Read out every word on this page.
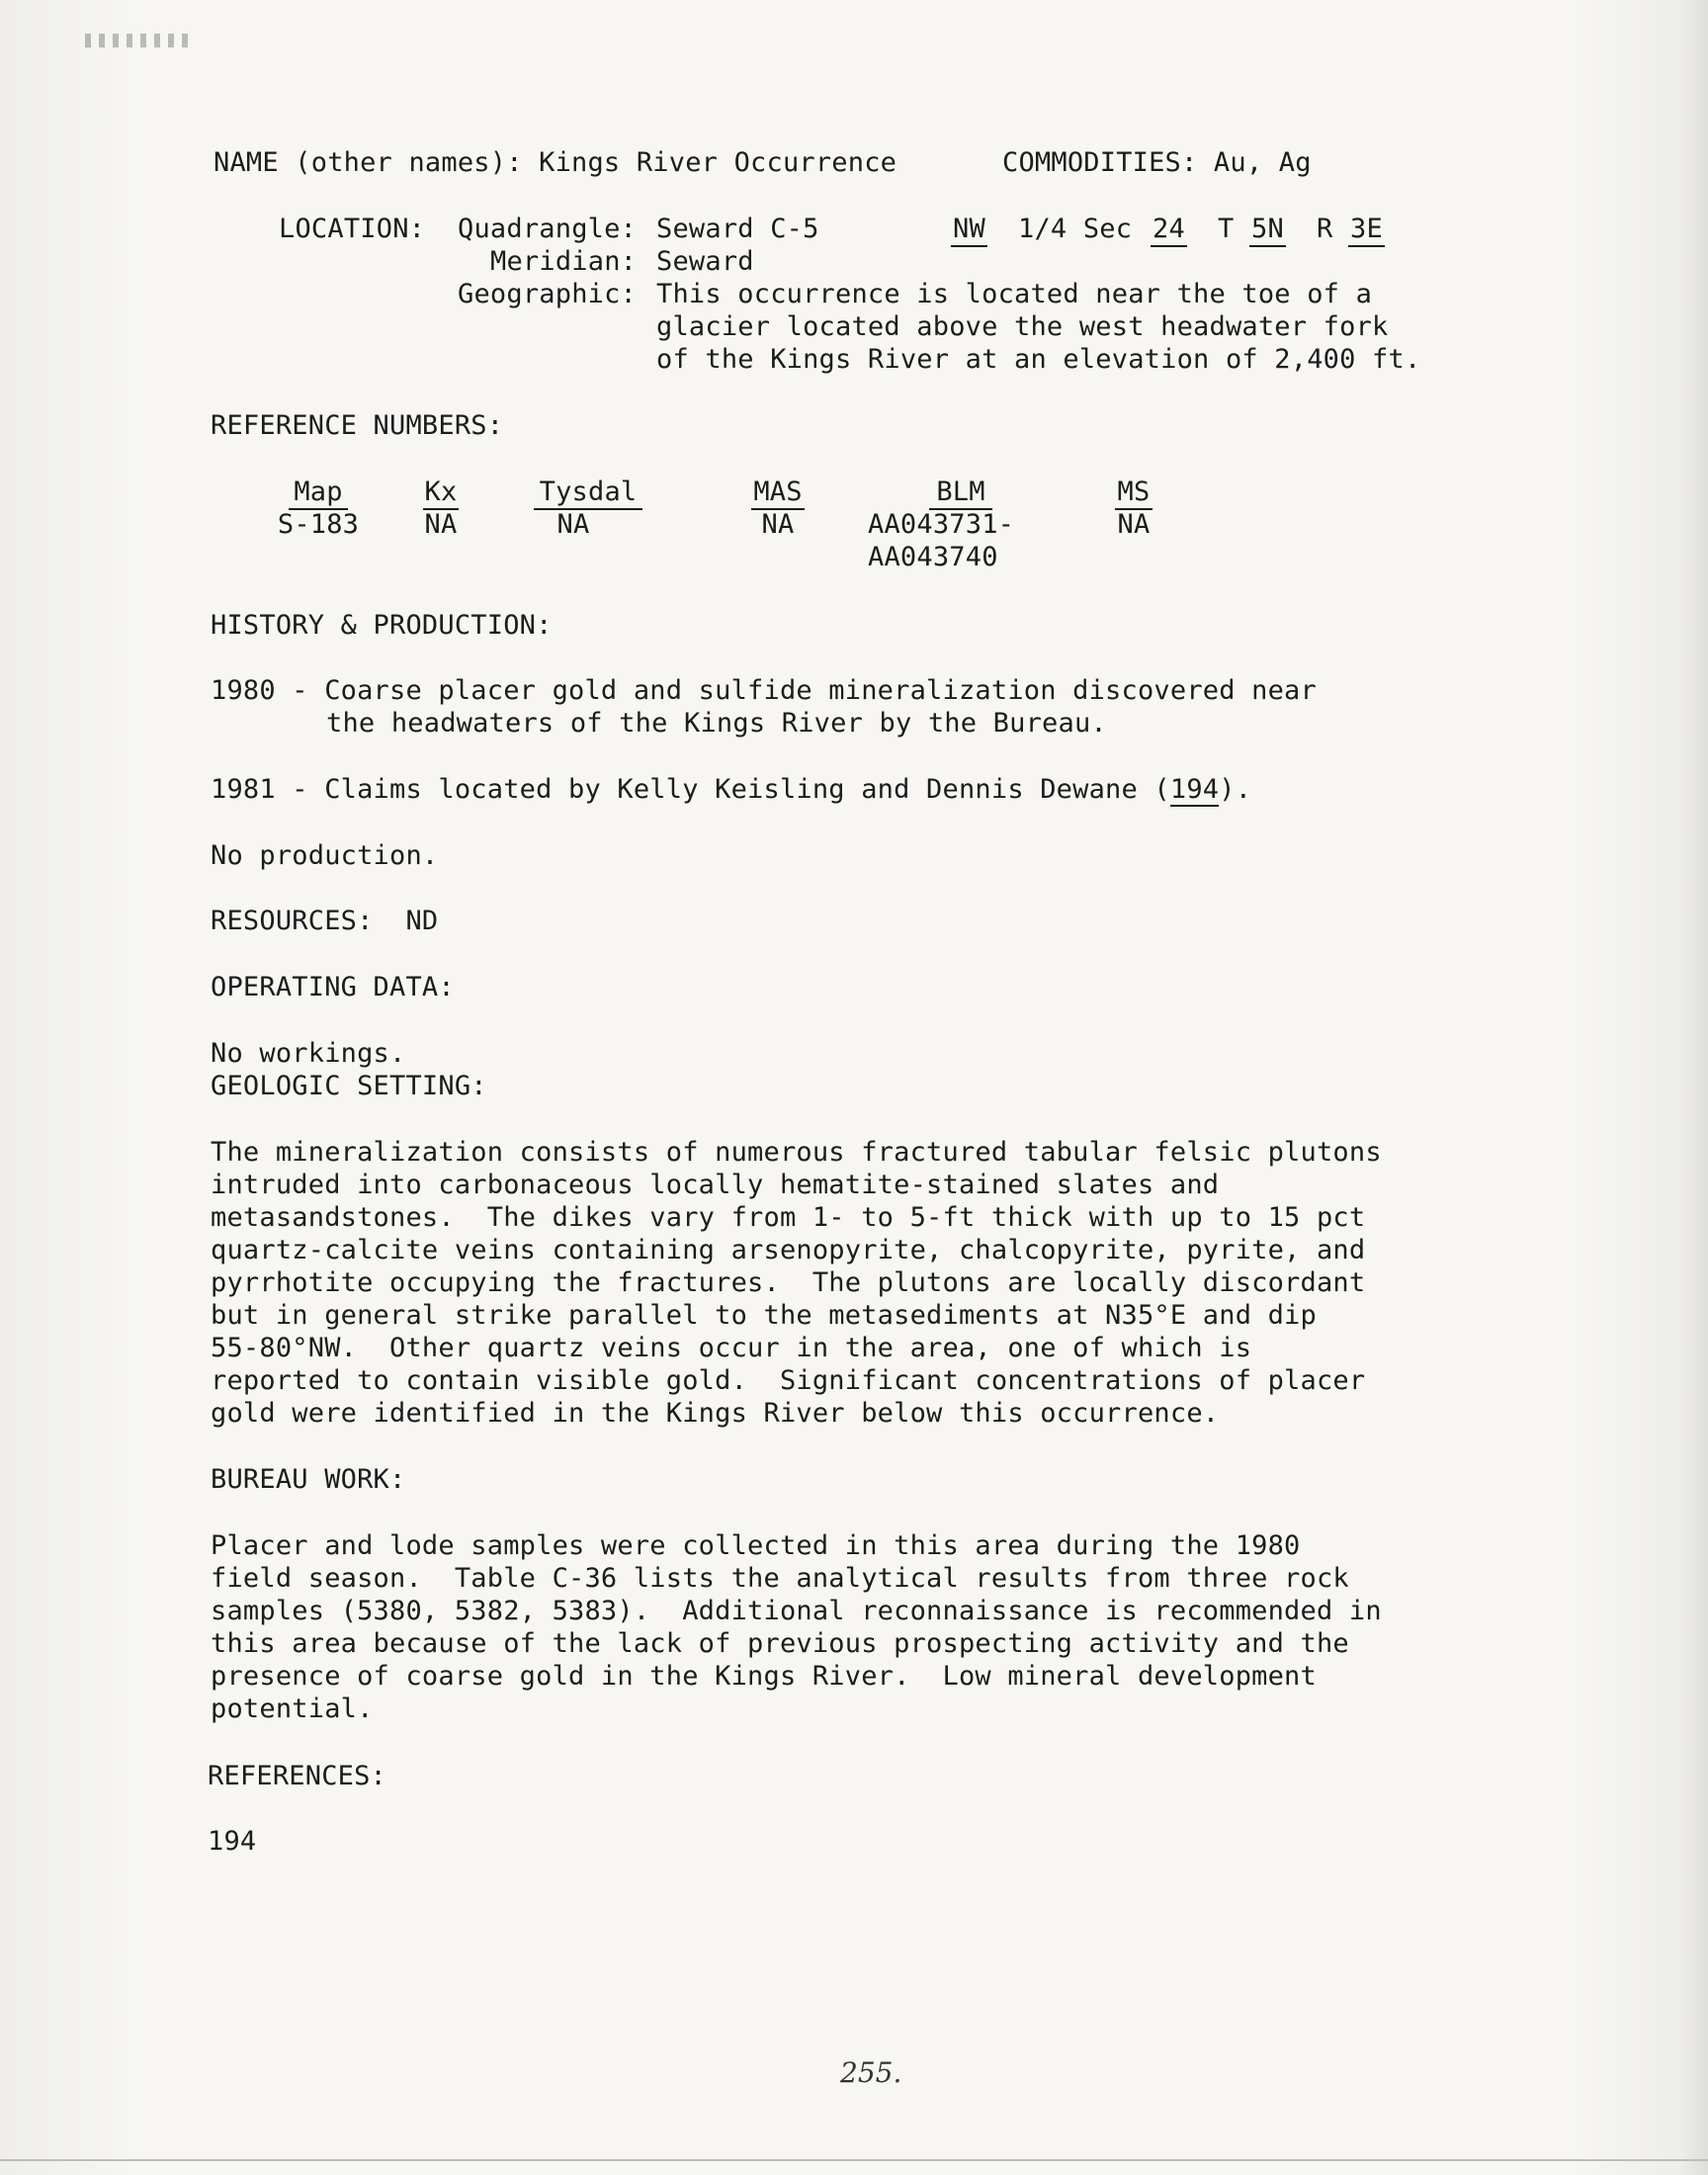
NAME (other names): Kings River Occurrence	COMMODITIES: Au, Ag
LOCATION: Quadrangle: Seward C-5	NW 1/4 Sec 24 T 5N R 3E
Meridian: Seward
Geographic: This occurrence is located near the toe of a
glacier located above the west headwater fork
of the Kings River at an elevation of 2,400 ft.
REFERENCE NUMBERS:
Map
S-183
Kx
NA
Tysdal
NA
MAS
NA
BLM
AA043731-
AA043740
MS
NA
HISTORY & PRODUCTION:
1980 - Coarse placer gold and sulfide mineralization discovered near
the headwaters of the Kings River by the Bureau.
1981 - Claims located by Kelly Keisling and Dennis Dewane (194).
No production.
RESOURCES:  ND
OPERATING DATA:
No workings.
GEOLOGIC SETTING:
The mineralization consists of numerous fractured tabular felsic plutons
intruded into carbonaceous locally hematite-stained slates and
metasandstones.  The dikes vary from 1- to 5-ft thick with up to 15 pct
quartz-calcite veins containing arsenopyrite, chalcopyrite, pyrite, and
pyrrhotite occupying the fractures.  The plutons are locally discordant
but in general strike parallel to the metasediments at N35°E and dip
55-80°NW.  Other quartz veins occur in the area, one of which is
reported to contain visible gold.  Significant concentrations of placer
gold were identified in the Kings River below this occurrence.
BUREAU WORK:
Placer and lode samples were collected in this area during the 1980
field season.  Table C-36 lists the analytical results from three rock
samples (5380, 5382, 5383).  Additional reconnaissance is recommended in
this area because of the lack of previous prospecting activity and the
presence of coarse gold in the Kings River.  Low mineral development
potential.
REFERENCES:
194
255.
